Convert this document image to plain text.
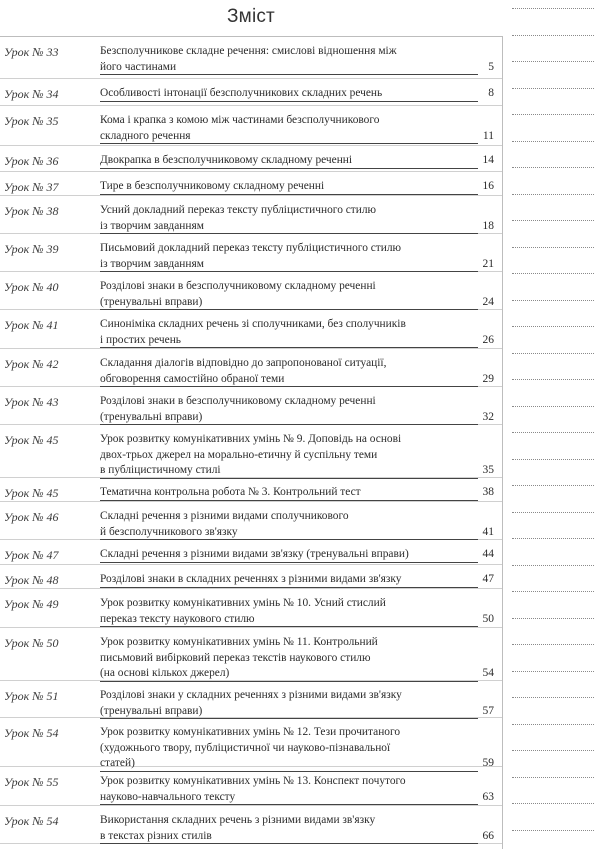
Зміст
Урок № 33	Безсполучникове складне речення: смислові відношення між
його частинами	5
Урок № 34	Особливості інтонації безсполучникових складних речень	8
Урок № 35	Кома і крапка з комою між частинами безсполучникового
складного речення	11
Урок № 36	Двокрапка в безсполучниковому складному реченні	14
Урок № 37	Тире в безсполучниковому складному реченні	16
Урок № 38	Усний докладний переказ тексту публіцистичного стилю
із творчим завданням	18
Урок № 39	Письмовий докладний переказ тексту публіцистичного стилю
із творчим завданням	21
Урок № 40	Розділові знаки в безсполучниковому складному реченні
(тренувальні вправи)	24
Урок № 41	Синоніміка складних речень зі сполучниками, без сполучників
і простих речень	26
Урок № 42	Складання діалогів відповідно до запропонованої ситуації,
обговорення самостійно обраної теми	29
Урок № 43	Розділові знаки в безсполучниковому складному реченні
(тренувальні вправи)	32
Урок № 45	Урок розвитку комунікативних умінь № 9. Доповідь на основі
двох-трьох джерел на морально-етичну й суспільну теми
в публіцистичному стилі	35
Урок № 45	Тематична контрольна робота № 3. Контрольний тест	38
Урок № 46	Складні речення з різними видами сполучникового
й безсполучникового зв'язку	41
Урок № 47	Складні речення з різними видами зв'язку (тренувальні вправи)	44
Урок № 48	Розділові знаки в складних реченнях з різними видами зв'язку	47
Урок № 49	Урок розвитку комунікативних умінь № 10. Усний стислий
переказ тексту наукового стилю	50
Урок № 50	Урок розвитку комунікативних умінь № 11. Контрольний
письмовий вибірковий переказ текстів наукового стилю
(на основі кількох джерел)	54
Урок № 51	Розділові знаки у складних реченнях з різними видами зв'язку
(тренувальні вправи)	57
Урок № 54	Урок розвитку комунікативних умінь № 12. Тези прочитаного
(художнього твору, публіцистичної чи науково-пізнавальної
статей)	59
Урок № 55	Урок розвитку комунікативних умінь № 13. Конспект почутого
науково-навчального тексту	63
Урок № 54	Використання складних речень з різними видами зв'язку
в текстах різних стилів	66
